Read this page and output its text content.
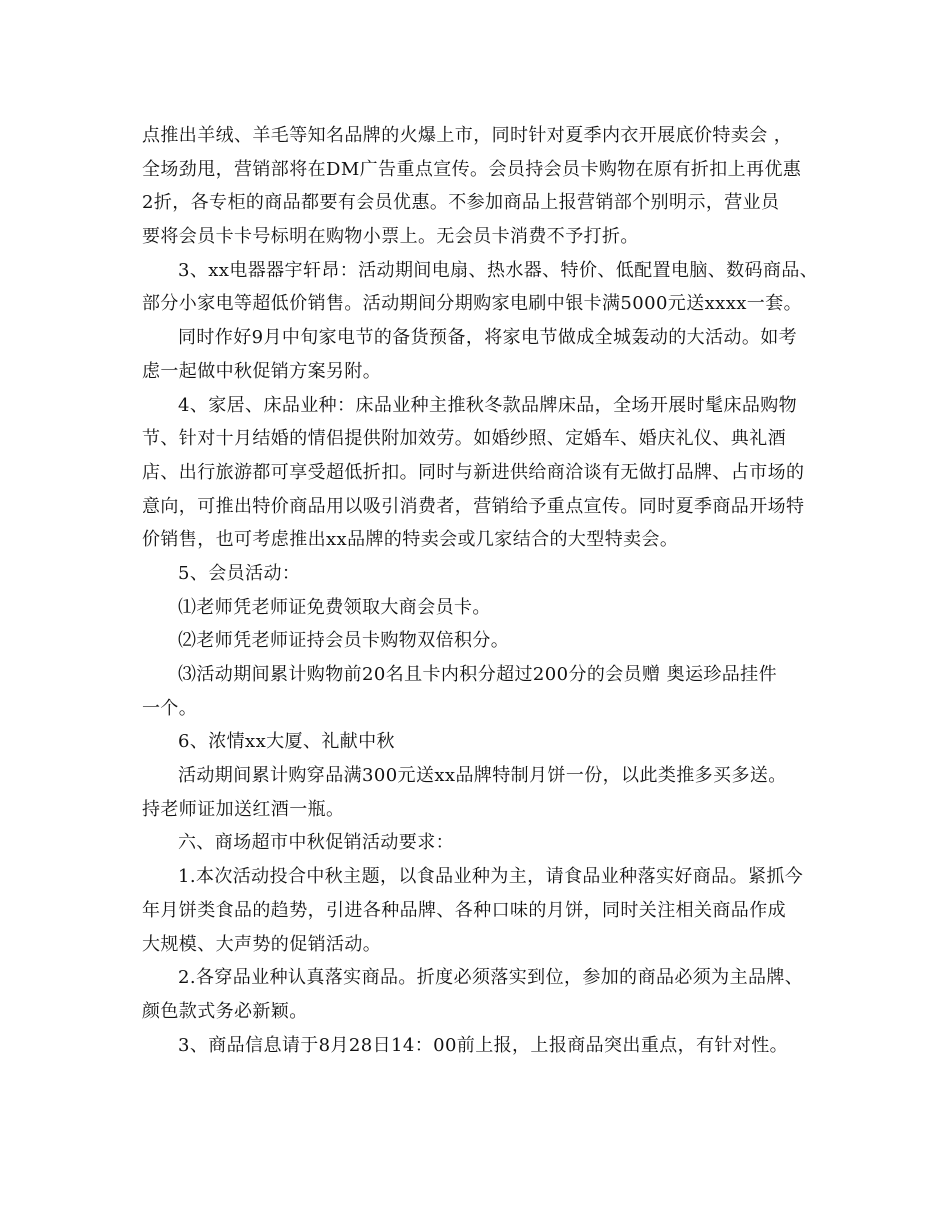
点推出羊绒、羊毛等知名品牌的火爆上市，同时针对夏季内衣开展底价特卖会 ，
全场劲甩，营销部将在DM广告重点宣传。会员持会员卡购物在原有折扣上再优惠
2折，各专柜的商品都要有会员优惠。不参加商品上报营销部个别明示，营业员
要将会员卡卡号标明在购物小票上。无会员卡消费不予打折。
3、xx电器器宇轩昂：活动期间电扇、热水器、特价、低配置电脑、数码商品、
部分小家电等超低价销售。活动期间分期购家电刷中银卡满5000元送xxxx一套。
同时作好9月中旬家电节的备货预备，将家电节做成全城轰动的大活动。如考
虑一起做中秋促销方案另附。
4、家居、床品业种：床品业种主推秋冬款品牌床品，全场开展时髦床品购物
节、针对十月结婚的情侣提供附加效劳。如婚纱照、定婚车、婚庆礼仪、典礼酒
店、出行旅游都可享受超低折扣。同时与新进供给商洽谈有无做打品牌、占市场的
意向，可推出特价商品用以吸引消费者，营销给予重点宣传。同时夏季商品开场特
价销售，也可考虑推出xx品牌的特卖会或几家结合的大型特卖会。
5、会员活动：
⑴老师凭老师证免费领取大商会员卡。
⑵老师凭老师证持会员卡购物双倍积分。
⑶活动期间累计购物前20名且卡内积分超过200分的会员赠 奥运珍品挂件
一个。
6、浓情xx大厦、礼献中秋
活动期间累计购穿品满300元送xx品牌特制月饼一份，以此类推多买多送。
持老师证加送红酒一瓶。
六、商场超市中秋促销活动要求：
1.本次活动投合中秋主题，以食品业种为主，请食品业种落实好商品。紧抓今
年月饼类食品的趋势，引进各种品牌、各种口味的月饼，同时关注相关商品作成
大规模、大声势的促销活动。
2.各穿品业种认真落实商品。折度必须落实到位，参加的商品必须为主品牌、
颜色款式务必新颖。
3、商品信息请于8月28日14：00前上报，上报商品突出重点，有针对性。
